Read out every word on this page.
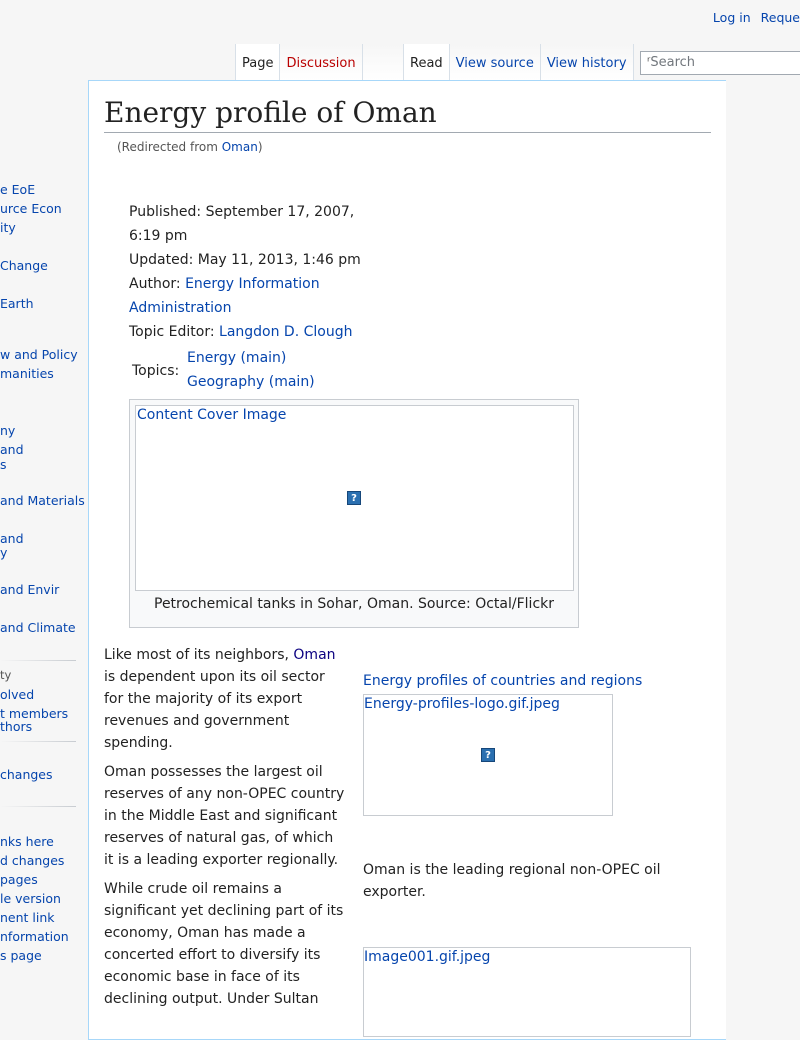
Log in Reque
Page	Discussion	Read	View source	View history	ʳSearch
e EoE
urce Econ
ity
Change
Earth
w and Policy
manities
ny
and
s
and Materials
and
y
and Envir
and Climate
ty
olved
t members
thors
changes
nks here
d changes
pages
le version
nent link
nformation
s page
Energy profile of Oman
(Redirected from Oman)
Published: September 17, 2007,
6:19 pm
Updated: May 11, 2013, 1:46 pm
Author: Energy Information
Administration
Topic Editor: Langdon D. Clough
Topics:
Energy (main)
Geography (main)
Content Cover Image
?
Petrochemical tanks in Sohar, Oman. Source: Octal/Flickr

Like most of its neighbors, Oman is dependent upon its oil sector for the majority of its export revenues and government spending.

Oman possesses the largest oil reserves of any non-OPEC country in the Middle East and significant reserves of natural gas, of which it is a leading exporter regionally.

While crude oil remains a significant yet declining part of its economy, Oman has made a concerted effort to diversify its economic base in face of its declining output. Under Sultan

Energy profiles of countries and regions
Energy-profiles-logo.gif.jpeg
?
Oman is the leading regional non-OPEC oil exporter.
Image001.gif.jpeg
